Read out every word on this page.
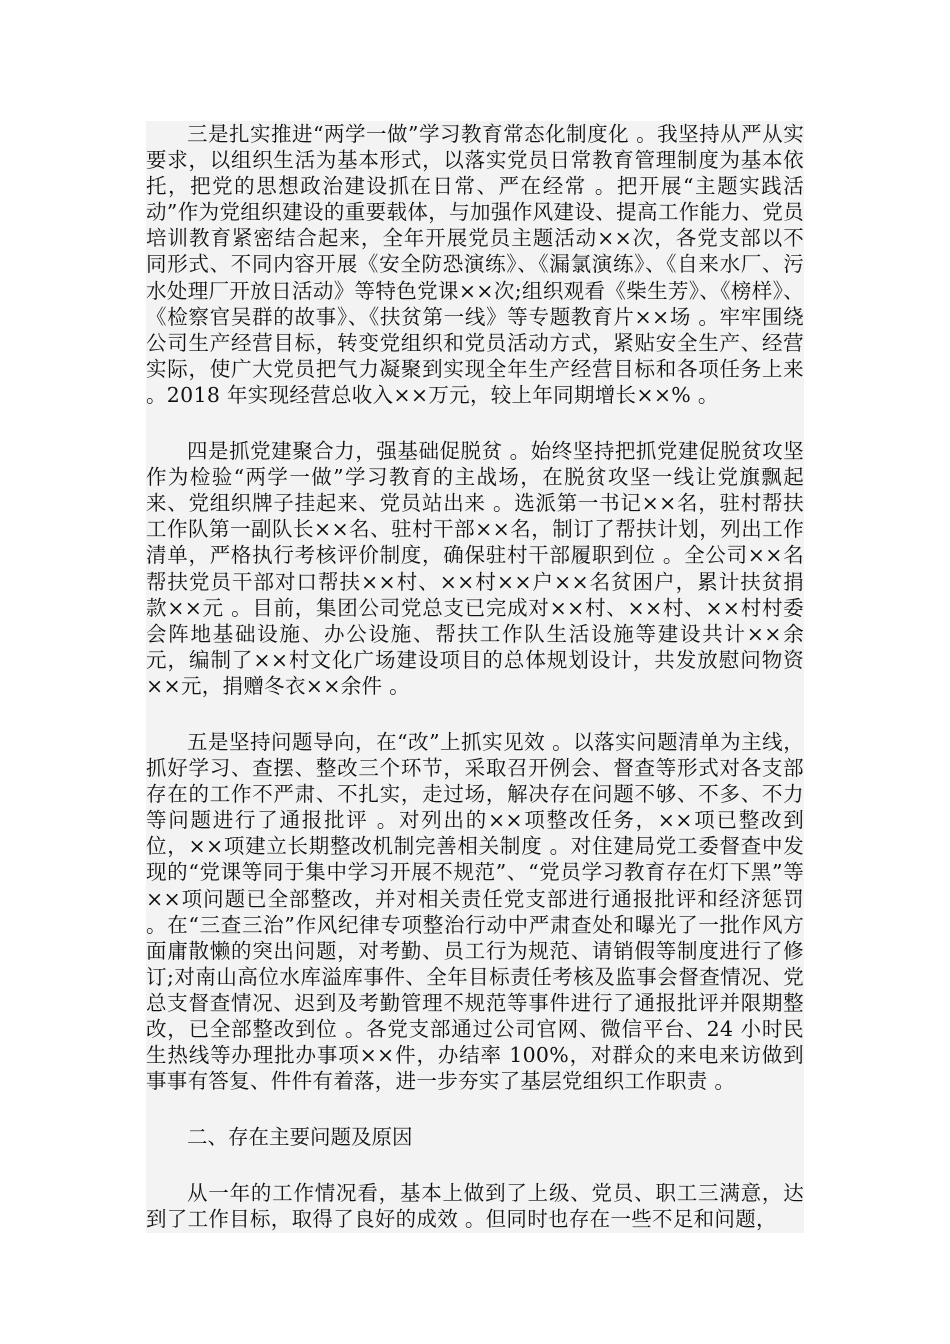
三是扎实推进“两学一做”学习教育常态化制度化 。我坚持从严从实要求，以组织生活为基本形式，以落实党员日常教育管理制度为基本依托，把党的思想政治建设抓在日常、严在经常 。把开展“主题实践活动”作为党组织建设的重要载体，与加强作风建设、提高工作能力、党员培训教育紧密结合起来，全年开展党员主题活动××次，各党支部以不同形式、不同内容开展《安全防恐演练》、《漏氯演练》、《自来水厂、污水处理厂开放日活动》等特色党课××次;组织观看《柴生芳》、《榜样》、《检察官吴群的故事》、《扶贫第一线》等专题教育片××场 。牢牢围绕公司生产经营目标，转变党组织和党员活动方式，紧贴安全生产、经营实际，使广大党员把气力凝聚到实现全年生产经营目标和各项任务上来 。2018 年实现经营总收入××万元，较上年同期增长××% 。

四是抓党建聚合力，强基础促脱贫 。始终坚持把抓党建促脱贫攻坚作为检验“两学一做”学习教育的主战场，在脱贫攻坚一线让党旗飘起来、党组织牌子挂起来、党员站出来 。选派第一书记××名，驻村帮扶工作队第一副队长××名、驻村干部××名，制订了帮扶计划，列出工作清单，严格执行考核评价制度，确保驻村干部履职到位 。全公司××名帮扶党员干部对口帮扶××村、××村××户××名贫困户，累计扶贫捐款××元 。目前，集团公司党总支已完成对××村、××村、××村村委会阵地基础设施、办公设施、帮扶工作队生活设施等建设共计××余元，编制了××村文化广场建设项目的总体规划设计，共发放慰问物资××元，捐赠冬衣××余件 。

五是坚持问题导向，在“改”上抓实见效 。以落实问题清单为主线，抓好学习、查摆、整改三个环节，采取召开例会、督查等形式对各支部存在的工作不严肃、不扎实，走过场，解决存在问题不够、不多、不力等问题进行了通报批评 。对列出的××项整改任务，××项已整改到位，××项建立长期整改机制完善相关制度 。对住建局党工委督查中发现的“党课等同于集中学习开展不规范”、“党员学习教育存在灯下黑”等××项问题已全部整改，并对相关责任党支部进行通报批评和经济惩罚 。在“三查三治”作风纪律专项整治行动中严肃查处和曝光了一批作风方面庸散懒的突出问题，对考勤、员工行为规范、请销假等制度进行了修订;对南山高位水库溢库事件、全年目标责任考核及监事会督查情况、党总支督查情况、迟到及考勤管理不规范等事件进行了通报批评并限期整改，已全部整改到位 。各党支部通过公司官网、微信平台、24 小时民生热线等办理批办事项××件，办结率 100%，对群众的来电来访做到事事有答复、件件有着落，进一步夯实了基层党组织工作职责 。

二、存在主要问题及原因

从一年的工作情况看，基本上做到了上级、党员、职工三满意，达到了工作目标，取得了良好的成效 。但同时也存在一些不足和问题，
